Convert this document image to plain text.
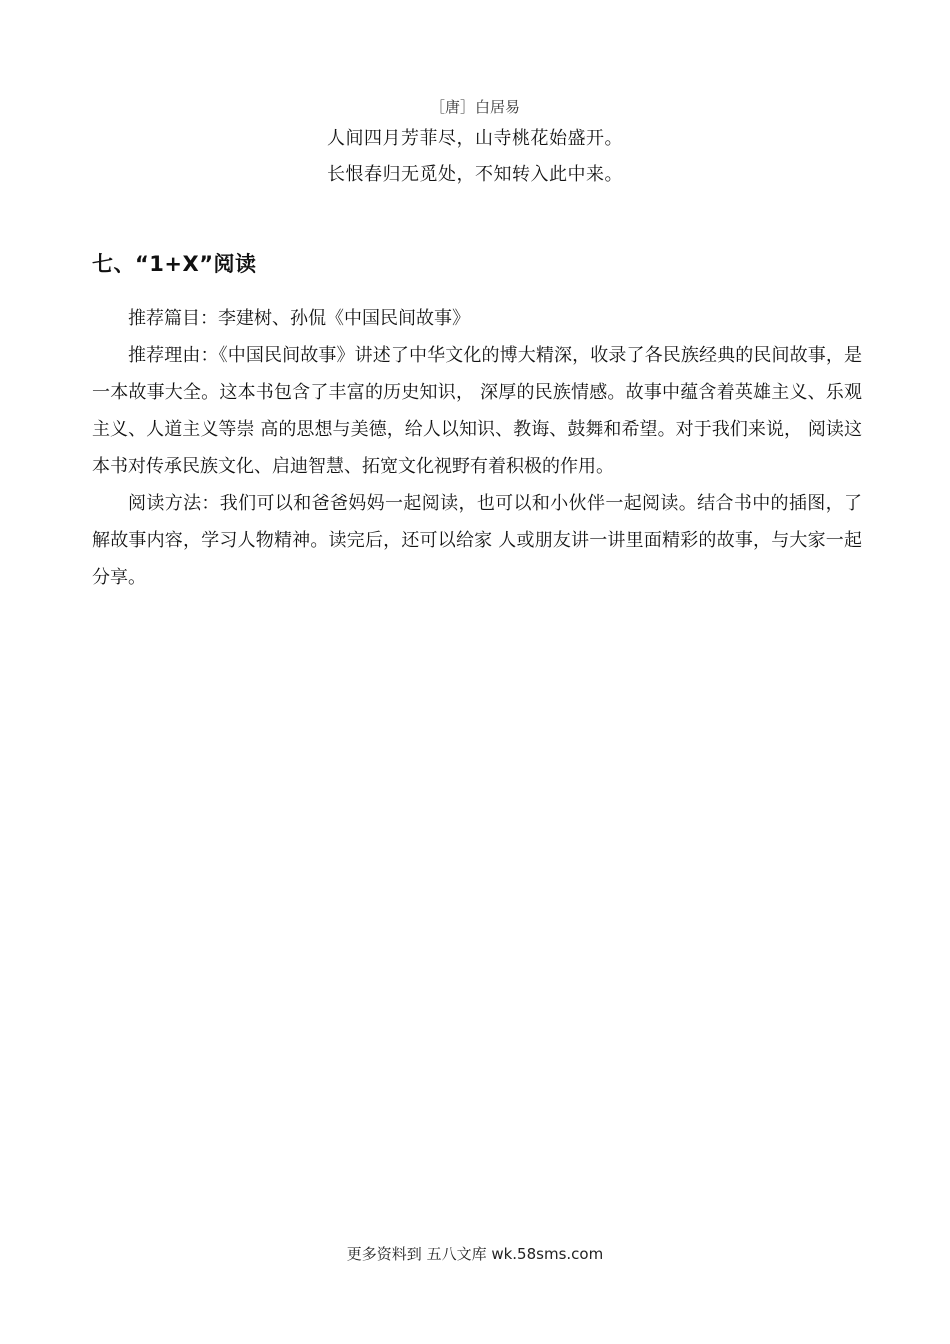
［唐］白居易
人间四月芳菲尽，山寺桃花始盛开。
长恨春归无觅处，不知转入此中来。
七、“1+X”阅读

推荐篇目：李建树、孙侃《中国民间故事》

推荐理由：《中国民间故事》讲述了中华文化的博大精深，收录了各民族经典的民间故事，是一本故事大全。这本书包含了丰富的历史知识， 深厚的民族情感。故事中蕴含着英雄主义、乐观主义、人道主义等崇 高的思想与美德，给人以知识、教诲、鼓舞和希望。对于我们来说， 阅读这本书对传承民族文化、启迪智慧、拓宽文化视野有着积极的作用。

阅读方法：我们可以和爸爸妈妈一起阅读，也可以和小伙伴一起阅读。结合书中的插图，了解故事内容，学习人物精神。读完后，还可以给家 人或朋友讲一讲里面精彩的故事，与大家一起分享。

更多资料到 五八文库 wk.58sms.com
